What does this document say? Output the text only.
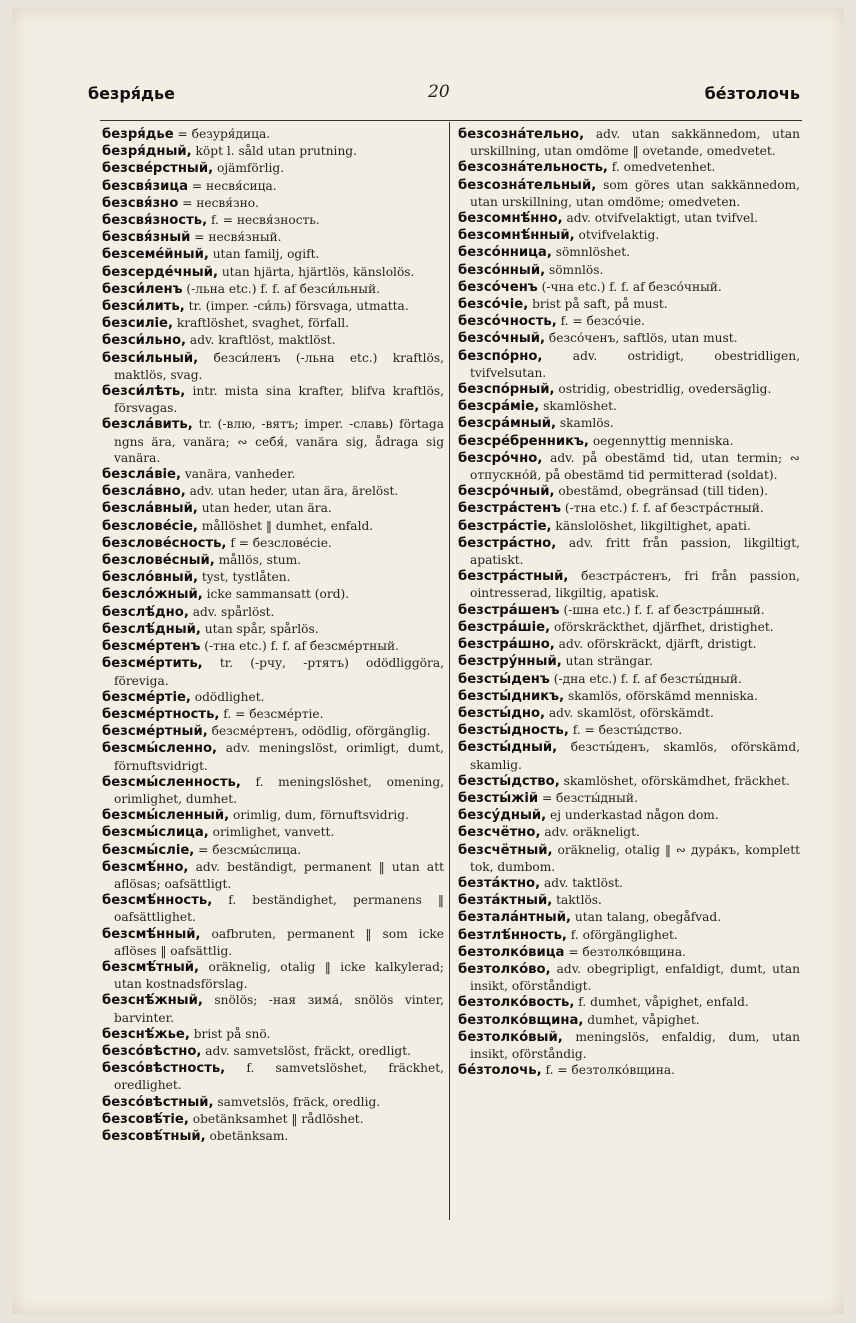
безря́дье	20	бе́зтолочь

безря́дье = безуря́дица.

безря́дный, köpt l. såld utan prutning.

безсве́рстный, ojämförlig.

безсвя́зица = несвя́сица.

безсвя́зно = несвя́зно.

безсвя́зность, f. = несвя́зность.

безсвя́зный = несвя́зный.

безсеме́йный, utan familj, ogift.

безсерде́чный, utan hjärta, hjärtlös, känslolös.

безси́ленъ (-льна etc.) f. f. af безси́льный.

безси́лить, tr. (imper. -си́ль) försvaga, utmatta.

безсиліе, kraftlöshet, svaghet, förfall.

безси́льно, adv. kraftlöst, maktlöst.

безси́льный, безси́ленъ (-льна etc.) kraftlös, maktlös, svag.

безси́лѣть, intr. mista sina krafter, blifva kraftlös, försvagas.

безсла́вить, tr. (-влю, -вятъ; imper. -славь) förtaga ngns ära, vanära; ∾ себя́, vanära sig, ådraga sig vanära.

безсла́віе, vanära, vanheder.

безсла́вно, adv. utan heder, utan ära, ärelöst.

безсла́вный, utan heder, utan ära.

безслове́сіе, mållöshet ‖ dumhet, enfald.

безслове́сность, f = безслове́сіе.

безслове́сный, mållös, stum.

безсло́вный, tyst, tystlåten.

безсло́жный, icke sammansatt (ord).

безслѣ́дно, adv. spårlöst.

безслѣ́дный, utan spår, spårlös.

безсме́ртенъ (-тна etc.) f. f. af безсме́ртный.

безсме́ртить, tr. (-рчу, -ртятъ) odödliggöra, föreviga.

безсме́ртіе, odödlighet.

безсме́ртность, f. = безсме́ртіе.

безсме́ртный, безсме́ртенъ, odödlig, oförgänglig.

безсмы́сленно, adv. meningslöst, orimligt, dumt, förnuftsvidrigt.

безсмы́сленность, f. meningslöshet, omening, orimlighet, dumhet.

безсмы́сленный, orimlig, dum, förnuftsvidrig.

безсмы́слица, orimlighet, vanvett.

безсмы́сліе, = безсмы́слица.

безсмѣ́нно, adv. beständigt, permanent ‖ utan att aflösas; oafsättligt.

безсмѣ́нность, f. beständighet, permanens ‖ oafsättlighet.

безсмѣ́нный, oafbruten, permanent ‖ som icke aflöses ‖ oafsättlig.

безсмѣ́тный, oräknelig, otalig ‖ icke kalkylerad; utan kostnadsförslag.

безснѣ́жный, snölös; -ная зима́, snölös vinter, barvinter.

безснѣ́жье, brist på snö.

безсо́вѣстно, adv. samvetslöst, fräckt, oredligt.

безсо́вѣстность, f. samvetslöshet, fräckhet, oredlighet.

безсо́вѣстный, samvetslös, fräck, oredlig.

безсовѣ́тіе, obetänksamhet ‖ rådlöshet.

безсовѣ́тный, obetänksam.

безсозна́тельно, adv. utan sakkännedom, utan urskillning, utan omdöme ‖ ovetande, omedvetet.

безсозна́тельность, f. omedvetenhet.

безсозна́тельный, som göres utan sakkännedom, utan urskillning, utan omdöme; omedveten.

безсомнѣ́нно, adv. otvifvelaktigt, utan tvifvel.

безсомнѣ́нный, otvifvelaktig.

безсо́нница, sömnlöshet.

безсо́нный, sömnlös.

безсо́ченъ (-чна etc.) f. f. af безсо́чный.

безсо́чіе, brist på saft, på must.

безсо́чность, f. = безсо́чіе.

безсо́чный, безсо́ченъ, saftlös, utan must.

безспо́рно, adv. ostridigt, obestridligen, tvifvelsutan.

безспо́рный, ostridig, obestridlig, ovedersäglig.

безсра́міе, skamlöshet.

безсра́мный, skamlös.

безсре́бренникъ, oegennyttig menniska.

безсро́чно, adv. på obestämd tid, utan termin; ∾ отпускно́й, på obestämd tid permitterad (soldat).

безсро́чный, obestämd, obegränsad (till tiden).

безстра́стенъ (-тна etc.) f. f. af безстра́стный.

безстра́стіе, känslolöshet, likgiltighet, apati.

безстра́стно, adv. fritt från passion, likgiltigt, apatiskt.

безстра́стный, безстра́стенъ, fri från passion, ointresserad, likgiltig, apatisk.

безстра́шенъ (-шна etc.) f. f. af безстра́шный.

безстра́шіе, oförskräckthet, djärfhet, dristighet.

безстра́шно, adv. oförskräckt, djärft, dristigt.

безстру́нный, utan strängar.

безсты́денъ (-дна etc.) f. f. af безсты́дный.

безсты́дникъ, skamlös, oförskämd menniska.

безсты́дно, adv. skamlöst, oförskämdt.

безсты́дность, f. = безсты́дство.

безсты́дный, безсты́денъ, skamlös, oförskämd, skamlig.

безсты́дство, skamlöshet, oförskämdhet, fräckhet.

безсты́жій = безсты́дный.

безсу́дный, ej underkastad någon dom.

безсчётно, adv. oräkneligt.

безсчётный, oräknelig, otalig ‖ ∾ дура́къ, komplett tok, dumbom.

безта́ктно, adv. taktlöst.

безта́ктный, taktlös.

безтала́нтный, utan talang, obegåfvad.

безтлѣ́нность, f. oförgänglighet.

безтолко́вица = безтолко́вщина.

безтолко́во, adv. obegripligt, enfaldigt, dumt, utan insikt, oförståndigt.

безтолко́вость, f. dumhet, våpighet, enfald.

безтолко́вщина, dumhet, våpighet.

безтолко́вый, meningslös, enfaldig, dum, utan insikt, oförståndig.

бе́зтолочь, f. = безтолко́вщина.
